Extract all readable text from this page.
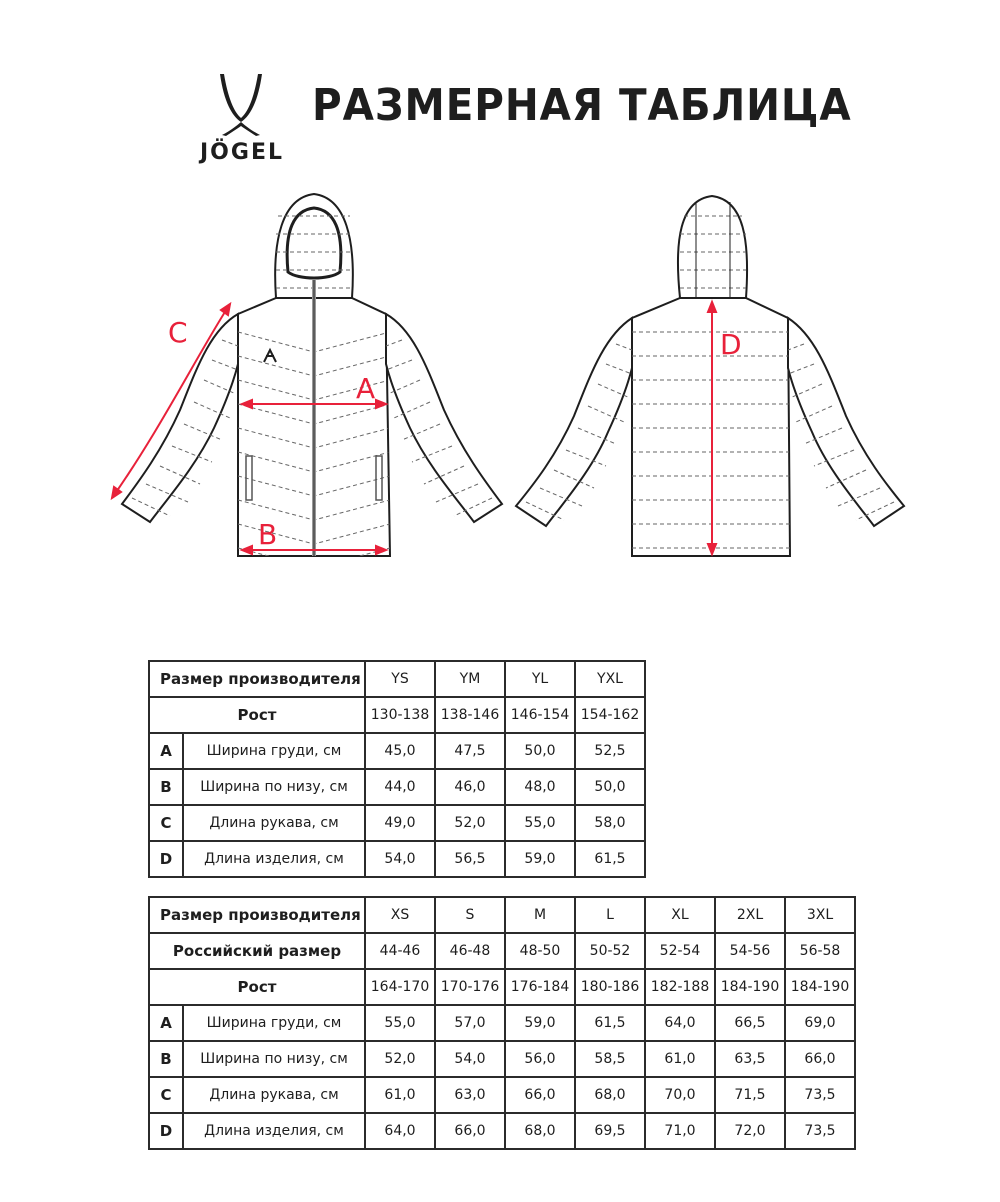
JÖGEL
РАЗМЕРНАЯ ТАБЛИЦА
A
B
C	D
Размер производителя		YS	YM	YL	YXL
Рост		130-138	138-146	146-154	154-162
A	Ширина груди, см	45,0	47,5	50,0	52,5
B	Ширина по низу, см	44,0	46,0	48,0	50,0
C	Длина рукава, см	49,0	52,0	55,0	58,0
D	Длина изделия, см	54,0	56,5	59,0	61,5
Размер производителя		XS	S	M	L	XL	2XL	3XL
Российский размер		44-46	46-48	48-50	50-52	52-54	54-56	56-58
Рост		164-170	170-176	176-184	180-186	182-188	184-190	184-190
A	Ширина груди, см	55,0	57,0	59,0	61,5	64,0	66,5	69,0
B	Ширина по низу, см	52,0	54,0	56,0	58,5	61,0	63,5	66,0
C	Длина рукава, см	61,0	63,0	66,0	68,0	70,0	71,5	73,5
D	Длина изделия, см	64,0	66,0	68,0	69,5	71,0	72,0	73,5
